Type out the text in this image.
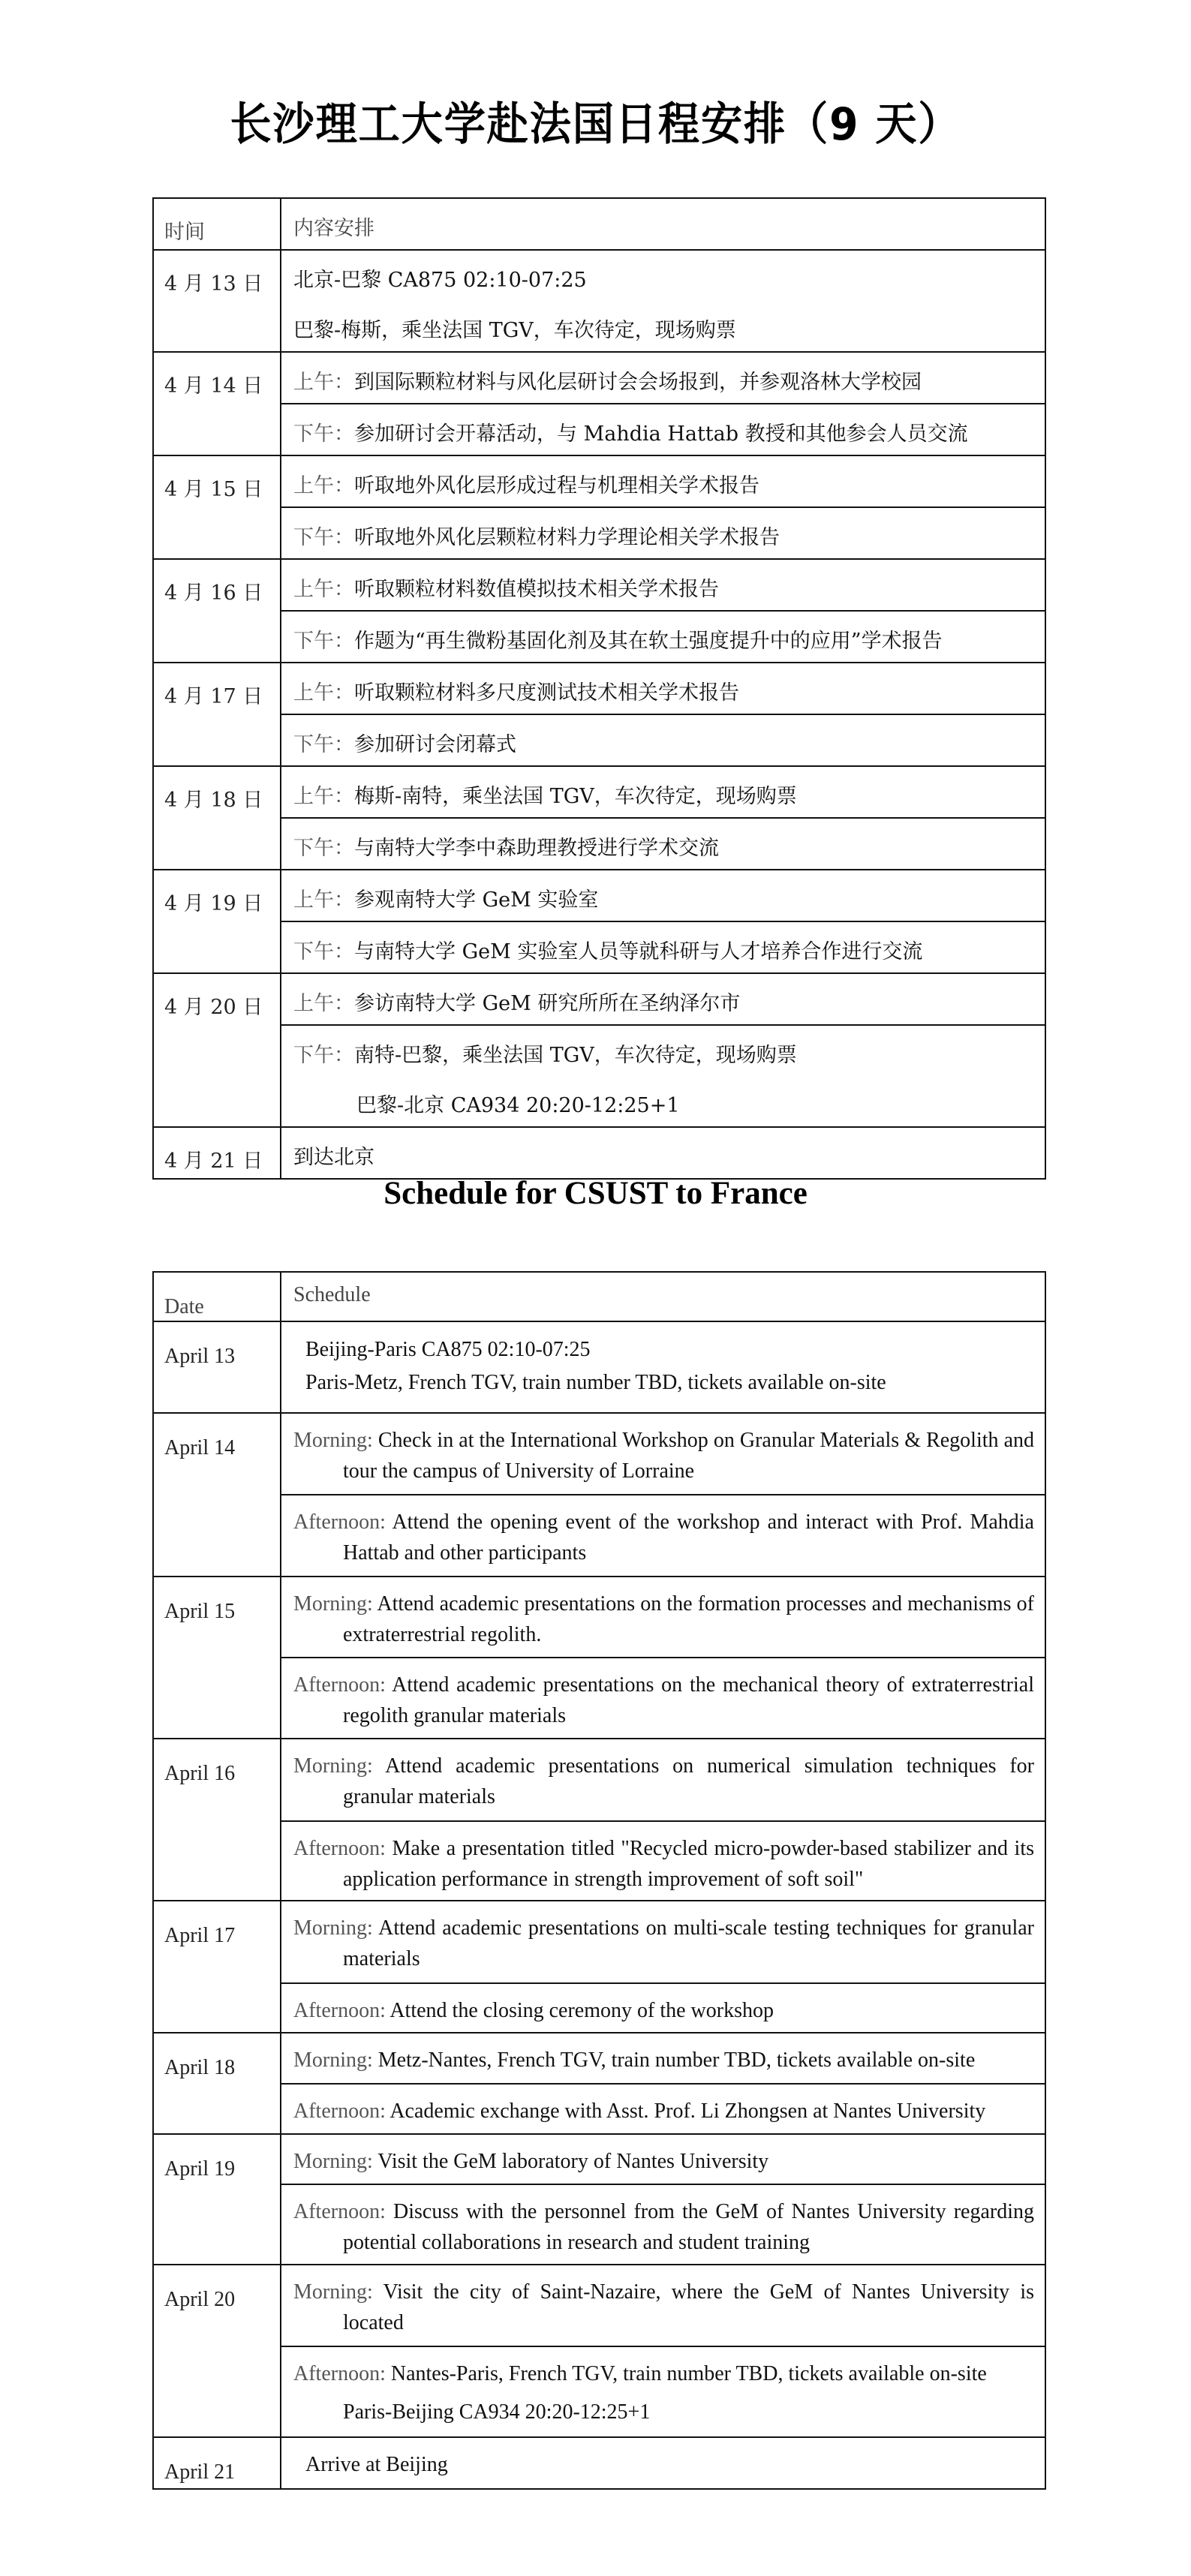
长沙理工大学赴法国日程安排（9 天）
时间	内容安排

4 月 13 日	北京-巴黎 CA875 02:10-07:25
巴黎-梅斯，乘坐法国 TGV，车次待定，现场购票

4 月 14 日	上午：到国际颗粒材料与风化层研讨会会场报到，并参观洛林大学校园
下午：参加研讨会开幕活动，与 Mahdia Hattab 教授和其他参会人员交流

4 月 15 日	上午：听取地外风化层形成过程与机理相关学术报告
下午：听取地外风化层颗粒材料力学理论相关学术报告

4 月 16 日	上午：听取颗粒材料数值模拟技术相关学术报告
下午：作题为“再生微粉基固化剂及其在软土强度提升中的应用”学术报告

4 月 17 日	上午：听取颗粒材料多尺度测试技术相关学术报告
下午：参加研讨会闭幕式

4 月 18 日	上午：梅斯-南特，乘坐法国 TGV，车次待定，现场购票
下午：与南特大学李中森助理教授进行学术交流

4 月 19 日	上午：参观南特大学 GeM 实验室
下午：与南特大学 GeM 实验室人员等就科研与人才培养合作进行交流

4 月 20 日	上午：参访南特大学 GeM 研究所所在圣纳泽尔市
下午：南特-巴黎，乘坐法国 TGV，车次待定，现场购票
巴黎-北京 CA934 20:20-12:25+1

4 月 21 日	到达北京
Schedule for CSUST to France
Date	Schedule

April 13	Beijing-Paris CA875 02:10-07:25
Paris-Metz, French TGV, train number TBD, tickets available on-site

April 14	Morning: Check in at the International Workshop on Granular Materials & Regolith and tour the campus of University of Lorraine
Afternoon: Attend the opening event of the workshop and interact with Prof. Mahdia Hattab and other participants

April 15	Morning: Attend academic presentations on the formation processes and mechanisms of extraterrestrial regolith.
Afternoon: Attend academic presentations on the mechanical theory of extraterrestrial regolith granular materials

April 16	Morning: Attend academic presentations on numerical simulation techniques for granular materials
Afternoon: Make a presentation titled "Recycled micro-powder-based stabilizer and its application performance in strength improvement of soft soil"

April 17	Morning: Attend academic presentations on multi-scale testing techniques for granular materials
Afternoon: Attend the closing ceremony of the workshop

April 18	Morning: Metz-Nantes, French TGV, train number TBD, tickets available on-site
Afternoon: Academic exchange with Asst. Prof. Li Zhongsen at Nantes University

April 19	Morning: Visit the GeM laboratory of Nantes University
Afternoon: Discuss with the personnel from the GeM of Nantes University regarding potential collaborations in research and student training

April 20	Morning: Visit the city of Saint-Nazaire, where the GeM of Nantes University is located
Afternoon: Nantes-Paris, French TGV, train number TBD, tickets available on-site
Paris-Beijing CA934 20:20-12:25+1

April 21	Arrive at Beijing
